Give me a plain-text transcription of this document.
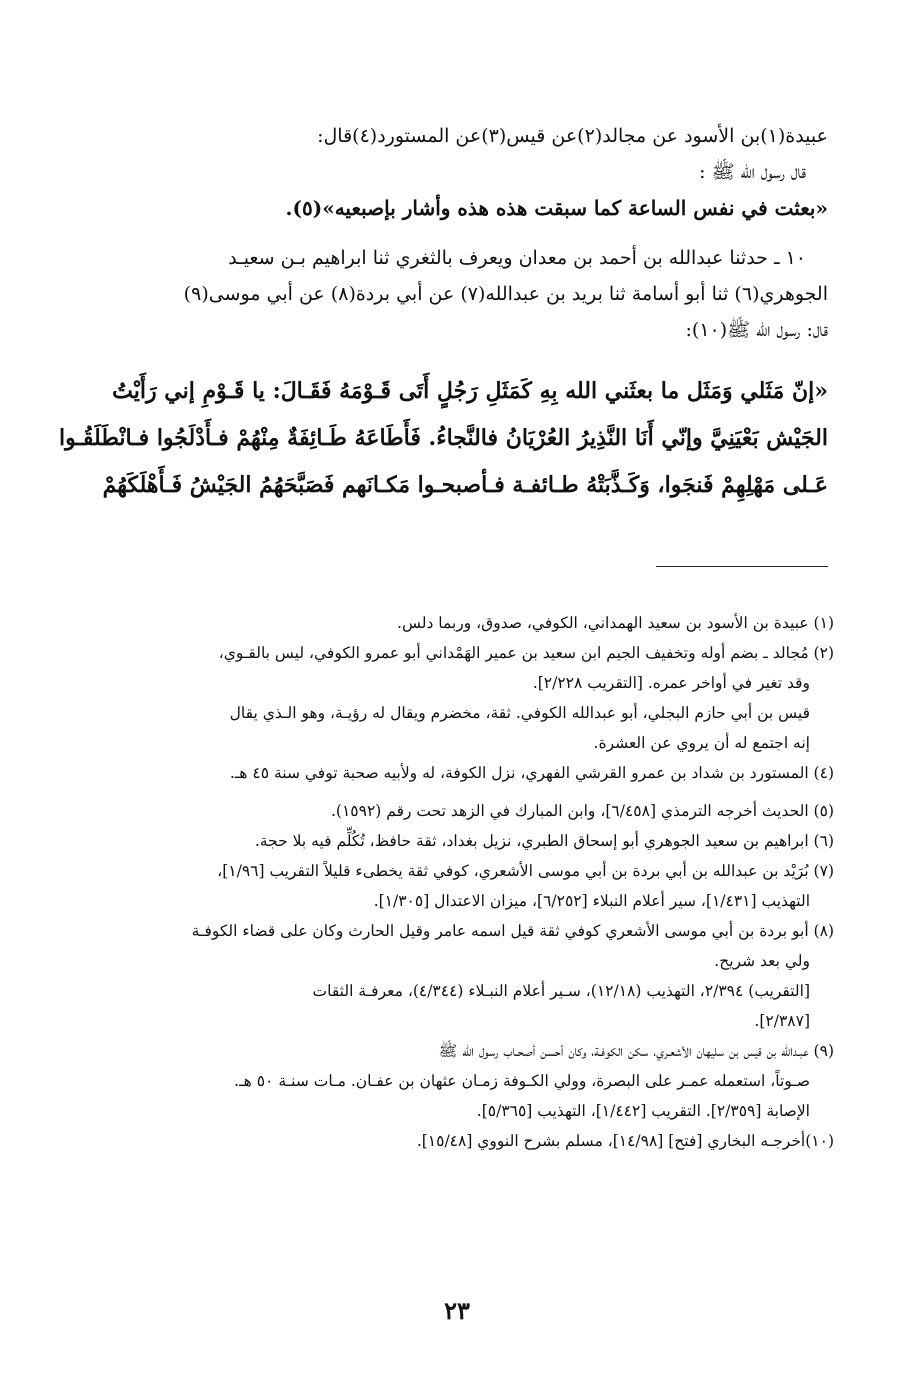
عبيدة(١)بن الأسود عن مجالد(٢)عن قيس(٣)عن المستورد(٤)قال:
قال رسول الله ﷺ :
«بعثت في نفس الساعة كما سبقت هذه هذه وأشار بإصبعيه»(٥).
١٠ ـ حدثنا عبدالله بن أحمد بن معدان ويعرف بالثغري ثنا ابراهيم بـن سعيـد
الجوهري(٦) ثنا أبو أسامة ثنا بريد بن عبدالله(٧) عن أبي بردة(٨) عن أبي موسى(٩)
قال: رسول الله ﷺ(١٠):
«إنّ مَثَلي وَمَثَل ما بعثَني الله بِهِ كَمَثَلِ رَجُلٍ أَتَى قَـوْمَهُ فَقَـالَ: يا قَـوْمِ إني رَأَيْتُ
الجَيْش بَعْيَنِيَّ وإنّي أَنَا النَّذِيرُ العُرْيَانُ فالنَّجاءُ. فَأَطَاعَهُ طَـائِفَةٌ مِنْهُمْ فـأَدْلَجُوا فـانْطَلَقُـوا
عَـلى مَهْلِهِمْ فَنجَوا، وَكَـذَّبَتْهُ طـائفـة فـأصبحـوا مَكـانَهم فَصَبَّحَهُمُ الجَيْشُ فَـأَهْلَكَهُمْ
(١) عبيدة بن الأسود بن سعيد الهمداني، الكوفي، صدوق، وربما دلس.
(٢) مُجالد ـ بضم أوله وتخفيف الجيم ابن سعيد بن عمير الهَمْداني أبو عمرو الكوفي، ليس بالقـوي،
وقد تغير في أواخر عمره. [التقريب ٢/٢٢٨].
قيس بن أبي حازم البجلي، أبو عبدالله الكوفي. ثقة، مخضرم ويقال له رؤيـة، وهو الـذي يقال
إنه اجتمع له أن يروي عن العشرة.
(٤) المستورد بن شداد بن عمرو القرشي الفهري، نزل الكوفة، له ولأبيه صحبة توفي سنة ٤٥ هـ.
(٥) الحديث أخرجه الترمذي [٦/٤٥٨]، وابن المبارك في الزهد تحت رقم (١٥٩٢).
(٦) ابراهيم بن سعيد الجوهري أبو إسحاق الطبري، نزيل بغداد، ثقة حافظ، تُكُلِّم فيه بلا حجة.
(٧) بُرَيْد بن عبدالله بن أبي بردة بن أبي موسى الأشعري، كوفي ثقة يخطىء قليلاً التقريب [١/٩٦]،
التهذيب [١/٤٣١]، سير أعلام النبلاء [٦/٢٥٢]، ميزان الاعتدال [١/٣٠٥].
(٨) أبو بردة بن أبي موسى الأشعري كوفي ثقة قيل اسمه عامر وقيل الحارث وكان على قضاء الكوفـة
ولي بعد شريح.
[التقريب) ٢/٣٩٤، التهذيب (١٢/١٨)، سـير أعلام النبـلاء (٤/٣٤٤)، معرفـة الثقات
[٢/٣٨٧].
(٩) عبـدالله بن قيس بن سليهان الأشعـري، سكن الكوفـة، وكان أحسن أصحـاب رسول الله ﷺ
صـوتاً، استعمله عمـر على البصرة، وولي الكـوفة زمـان عثهان بن عفـان. مـات سنـة ٥٠ هـ.
الإصابة [٢/٣٥٩]. التقريب [١/٤٤٢]، التهذيب [٥/٣٦٥].
(١٠)أخرجـه البخاري [فتح] [١٤/٩٨]، مسلم بشرح النووي [١٥/٤٨].
٢٣
